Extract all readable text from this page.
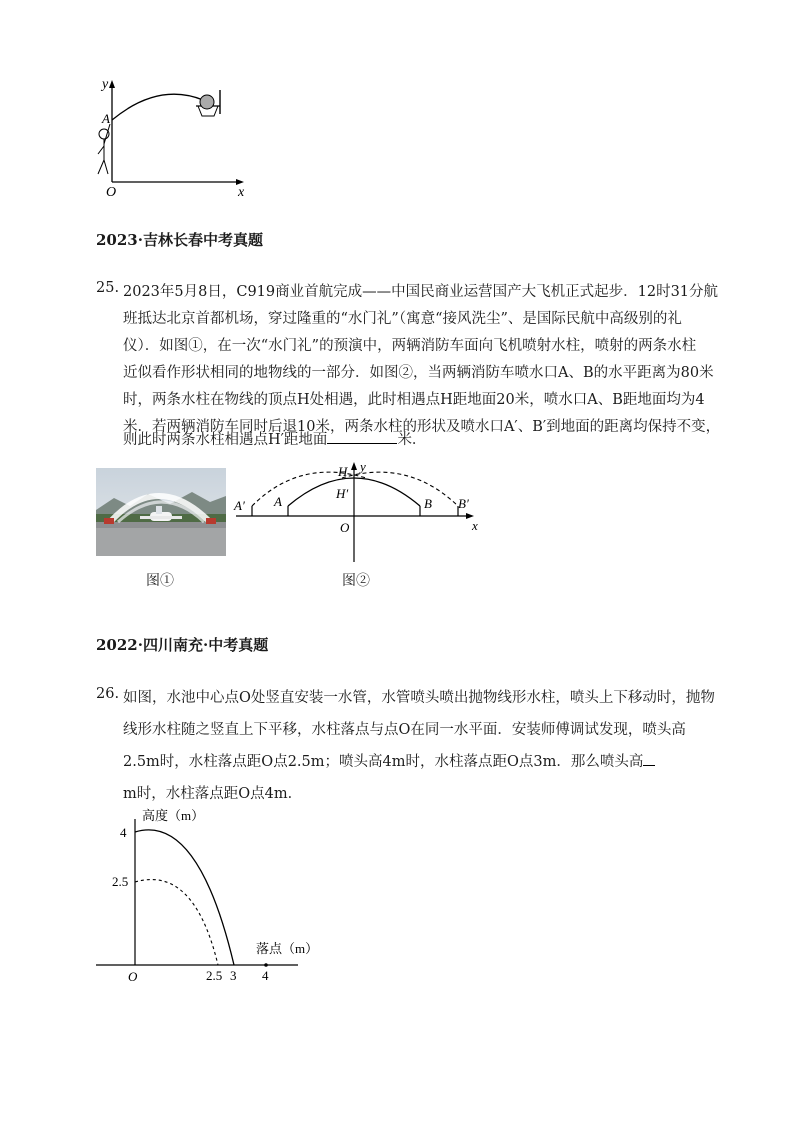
y
x
O
A
2023·吉林长春中考真题
25. 2023年5月8日，C919商业首航完成——中国民商业运营国产大飞机正式起步．12时31分航
班抵达北京首都机场，穿过隆重的“水门礼”（寓意“接风洗尘”、是国际民航中高级别的礼
仪）．如图①，在一次“水门礼”的预演中，两辆消防车面向飞机喷射水柱，喷射的两条水柱
近似看作形状相同的地物线的一部分．如图②，当两辆消防车喷水口A、B的水平距离为80米
时，两条水柱在物线的顶点H处相遇，此时相遇点H距地面20米，喷水口A、B距地面均为4
米．若两辆消防车同时后退10米，两条水柱的形状及喷水口A′、B′到地面的距离均保持不变，
则此时两条水柱相遇点H′距地面	米．
图①
H y
H′
A
A′	B B′
O	x
图②
2022·四川南充·中考真题
26. 如图，水池中心点O处竖直安装一水管，水管喷头喷出抛物线形水柱，喷头上下移动时，抛物
线形水柱随之竖直上下平移，水柱落点与点O在同一水平面．安装师傅调试发现，喷头高
2.5m时，水柱落点距O点2.5m；喷头高4m时，水柱落点距O点3m．那么喷头高
m时，水柱落点距O点4m．
高度（m）
落点（m）
4
2.5
O	2.5 3 4
